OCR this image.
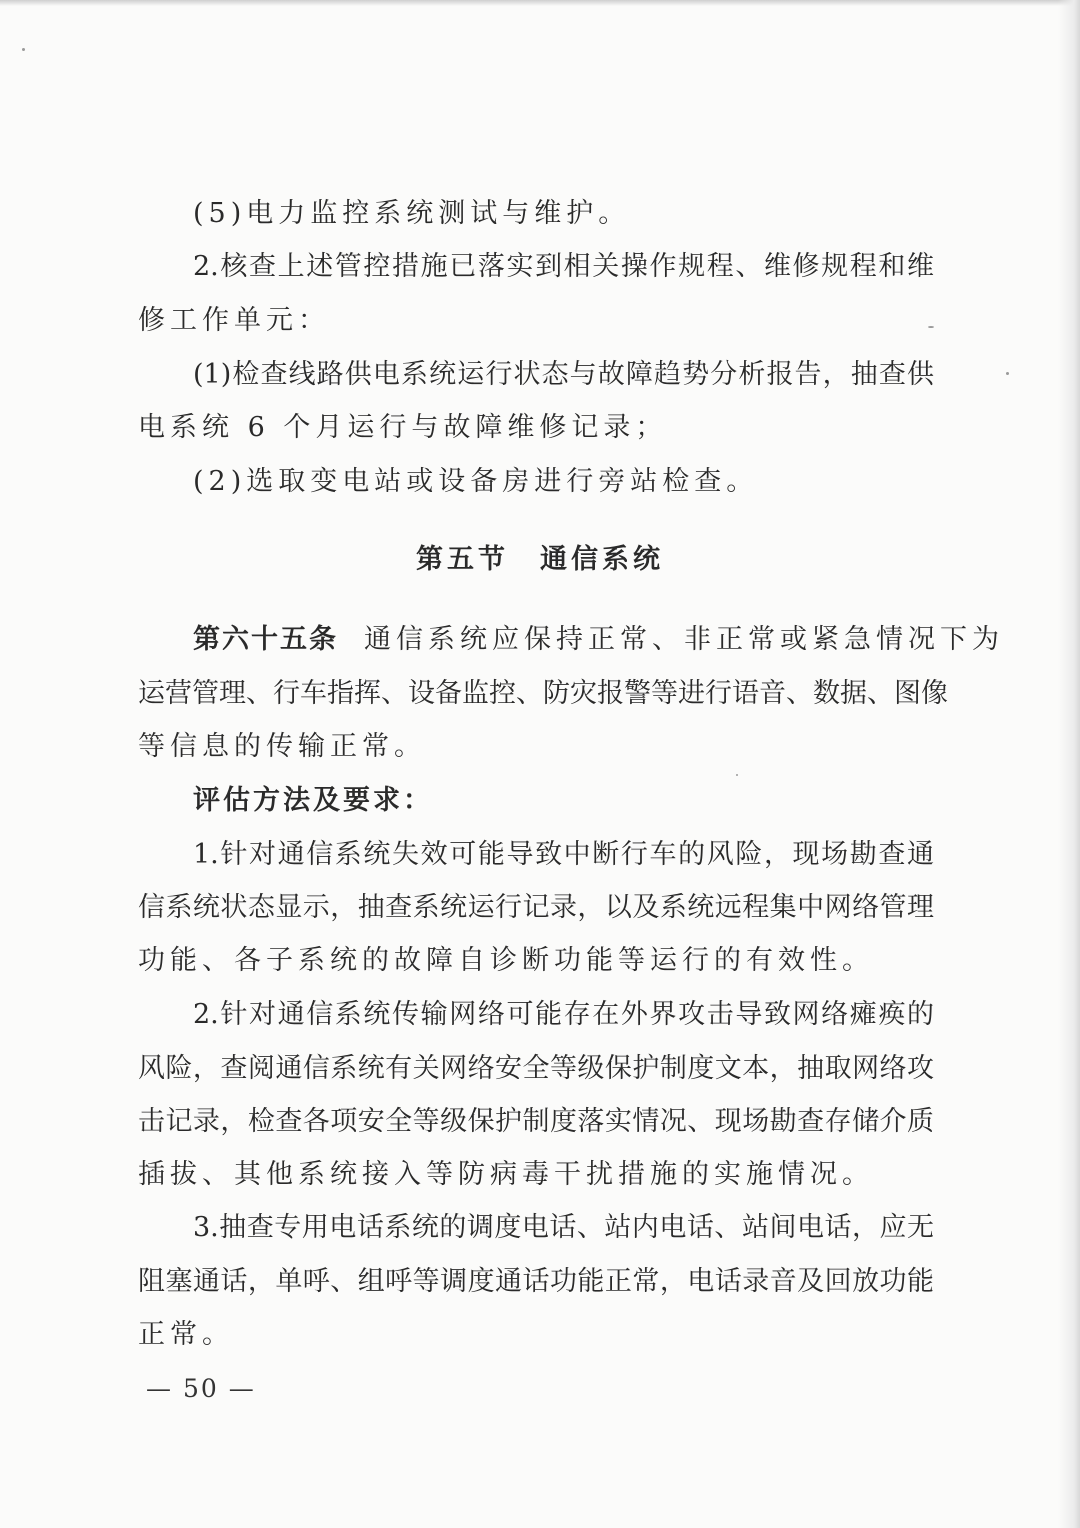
(5)电力监控系统测试与维护。
2.核查上述管控措施已落实到相关操作规程、维修规程和维
修工作单元：
(1)检查线路供电系统运行状态与故障趋势分析报告，抽查供
电系统 6 个月运行与故障维修记录；
(2)选取变电站或设备房进行旁站检查。
第五节　通信系统
第六十五条 通信系统应保持正常、非正常或紧急情况下为
运营管理、行车指挥、设备监控、防灾报警等进行语音、数据、图像
等信息的传输正常。
评估方法及要求：
1.针对通信系统失效可能导致中断行车的风险，现场勘查通
信系统状态显示，抽查系统运行记录，以及系统远程集中网络管理
功能、各子系统的故障自诊断功能等运行的有效性。
2.针对通信系统传输网络可能存在外界攻击导致网络瘫痪的
风险，查阅通信系统有关网络安全等级保护制度文本，抽取网络攻
击记录，检查各项安全等级保护制度落实情况、现场勘查存储介质
插拔、其他系统接入等防病毒干扰措施的实施情况。
3.抽查专用电话系统的调度电话、站内电话、站间电话，应无
阻塞通话，单呼、组呼等调度通话功能正常，电话录音及回放功能
正常。
— 50 —
